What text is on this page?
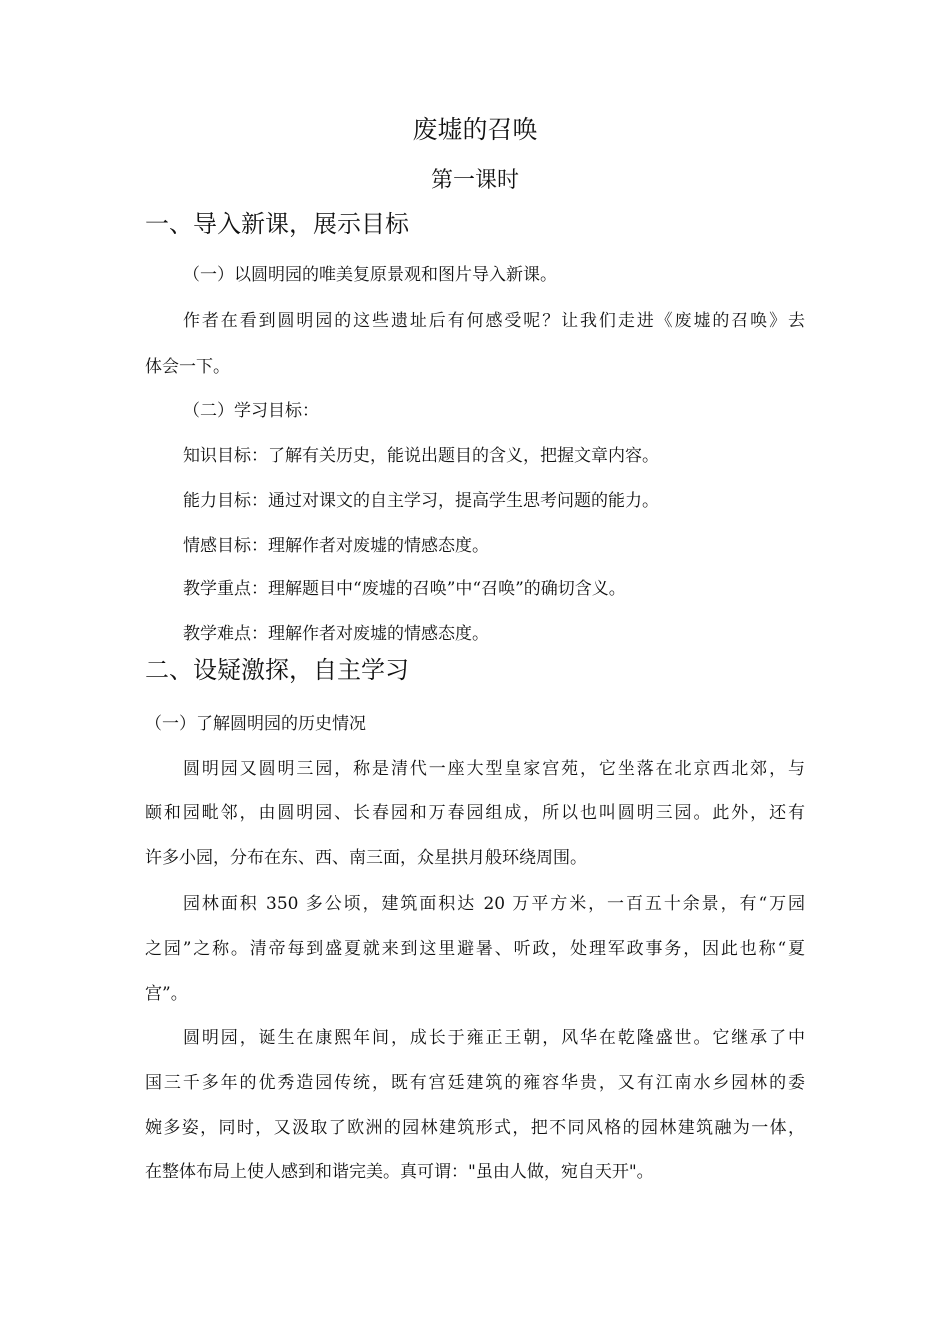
废墟的召唤
第一课时
一、导入新课，展示目标
（一）以圆明园的唯美复原景观和图片导入新课。
作者在看到圆明园的这些遗址后有何感受呢？让我们走进《废墟的召唤》去
体会一下。
（二）学习目标：
知识目标：了解有关历史，能说出题目的含义，把握文章内容。
能力目标：通过对课文的自主学习，提高学生思考问题的能力。
情感目标：理解作者对废墟的情感态度。
教学重点：理解题目中“废墟的召唤”中“召唤”的确切含义。
教学难点：理解作者对废墟的情感态度。
二、设疑激探，自主学习
（一）了解圆明园的历史情况
圆明园又圆明三园，称是清代一座大型皇家宫苑，它坐落在北京西北郊，与
颐和园毗邻，由圆明园、长春园和万春园组成，所以也叫圆明三园。此外，还有
许多小园，分布在东、西、南三面，众星拱月般环绕周围。
园林面积 350 多公顷，建筑面积达 20 万平方米，一百五十余景，有“万园
之园”之称。清帝每到盛夏就来到这里避暑、听政，处理军政事务，因此也称“夏
宫”。
圆明园，诞生在康熙年间，成长于雍正王朝，风华在乾隆盛世。它继承了中
国三千多年的优秀造园传统，既有宫廷建筑的雍容华贵，又有江南水乡园林的委
婉多姿，同时，又汲取了欧洲的园林建筑形式，把不同风格的园林建筑融为一体，
在整体布局上使人感到和谐完美。真可谓："虽由人做，宛自天开"。
